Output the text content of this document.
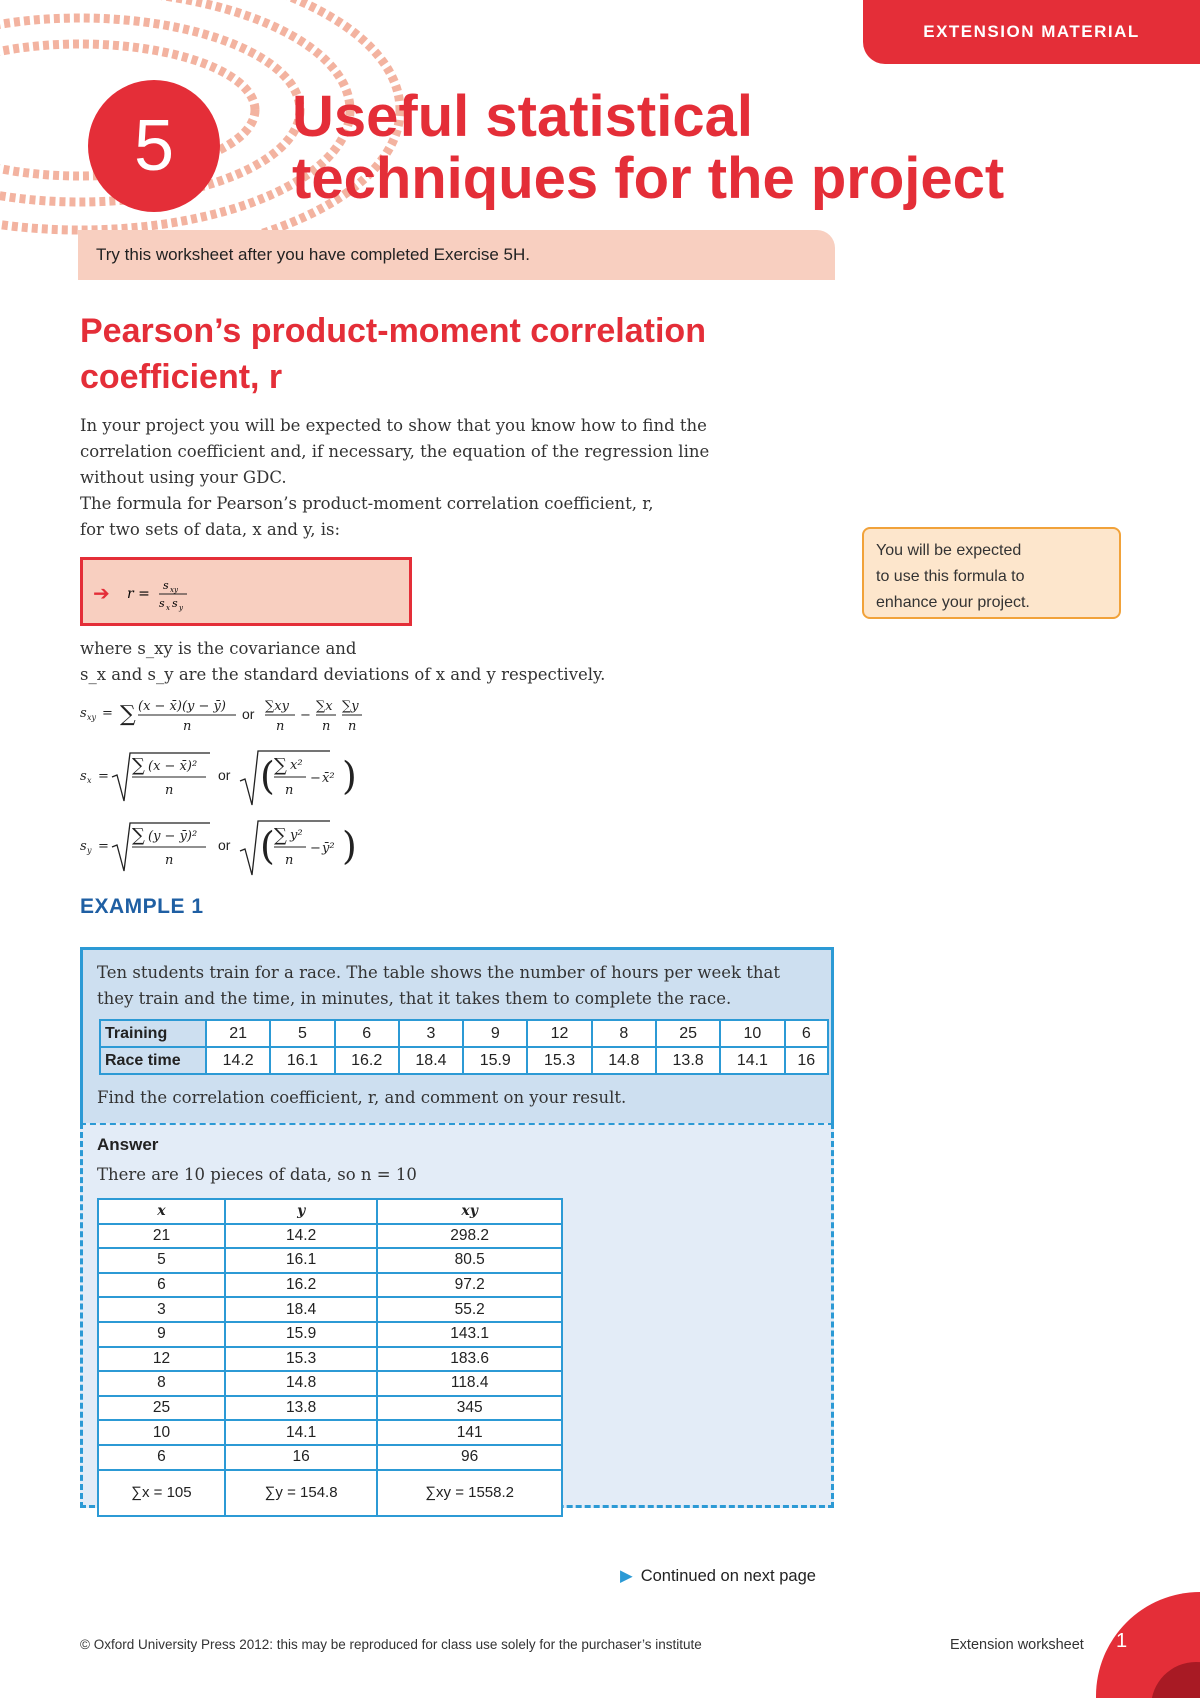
EXTENSION MATERIAL
5 Useful statistical
techniques for the project
Try this worksheet after you have completed Exercise 5H.
Pearson’s product-moment correlation
coefficient, r

In your project you will be expected to show that you know how to find the

correlation coefficient and, if necessary, the equation of the regression line

without using your GDC.

The formula for Pearson’s product-moment correlation coefficient, r,

for two sets of data, x and y, is:

You will be expected
to use this formula to
enhance your project.
➔ r =
s xy
s x s y

where s_xy is the covariance and

s_x and s_y are the standard deviations of x and y respectively.

s xy = ∑ (x − x̄)(y − ȳ)
n
or ∑xy
n
−
∑x
n
∑y
n
s x =
∑ (x − x̄)²
n
or ( ∑ x²
n
− x̄² )
s y =
∑ (y − ȳ)²
n
or ( ∑ y²
n
− ȳ² )
EXAMPLE 1
Ten students train for a race. The table shows the number of hours per week that
they train and the time, in minutes, that it takes them to complete the race.
Training	21	5	6	3	9	12	8	25	10	6
Race time	14.2	16.1	16.2	18.4	15.9	15.3	14.8	13.8	14.1	16
Find the correlation coefficient, r, and comment on your result.
Answer
There are 10 pieces of data, so n = 10
x	y	xy
21	14.2	298.2
5	16.1	80.5
6	16.2	97.2
3	18.4	55.2
9	15.9	143.1
12	15.3	183.6
8	14.8	118.4
25	13.8	345
10	14.1	141
6	16	96
∑x = 105	∑y = 154.8	∑xy = 1558.2
▶ Continued on next page
© Oxford University Press 2012: this may be reproduced for class use solely for the purchaser’s institute	Extension worksheet 1
